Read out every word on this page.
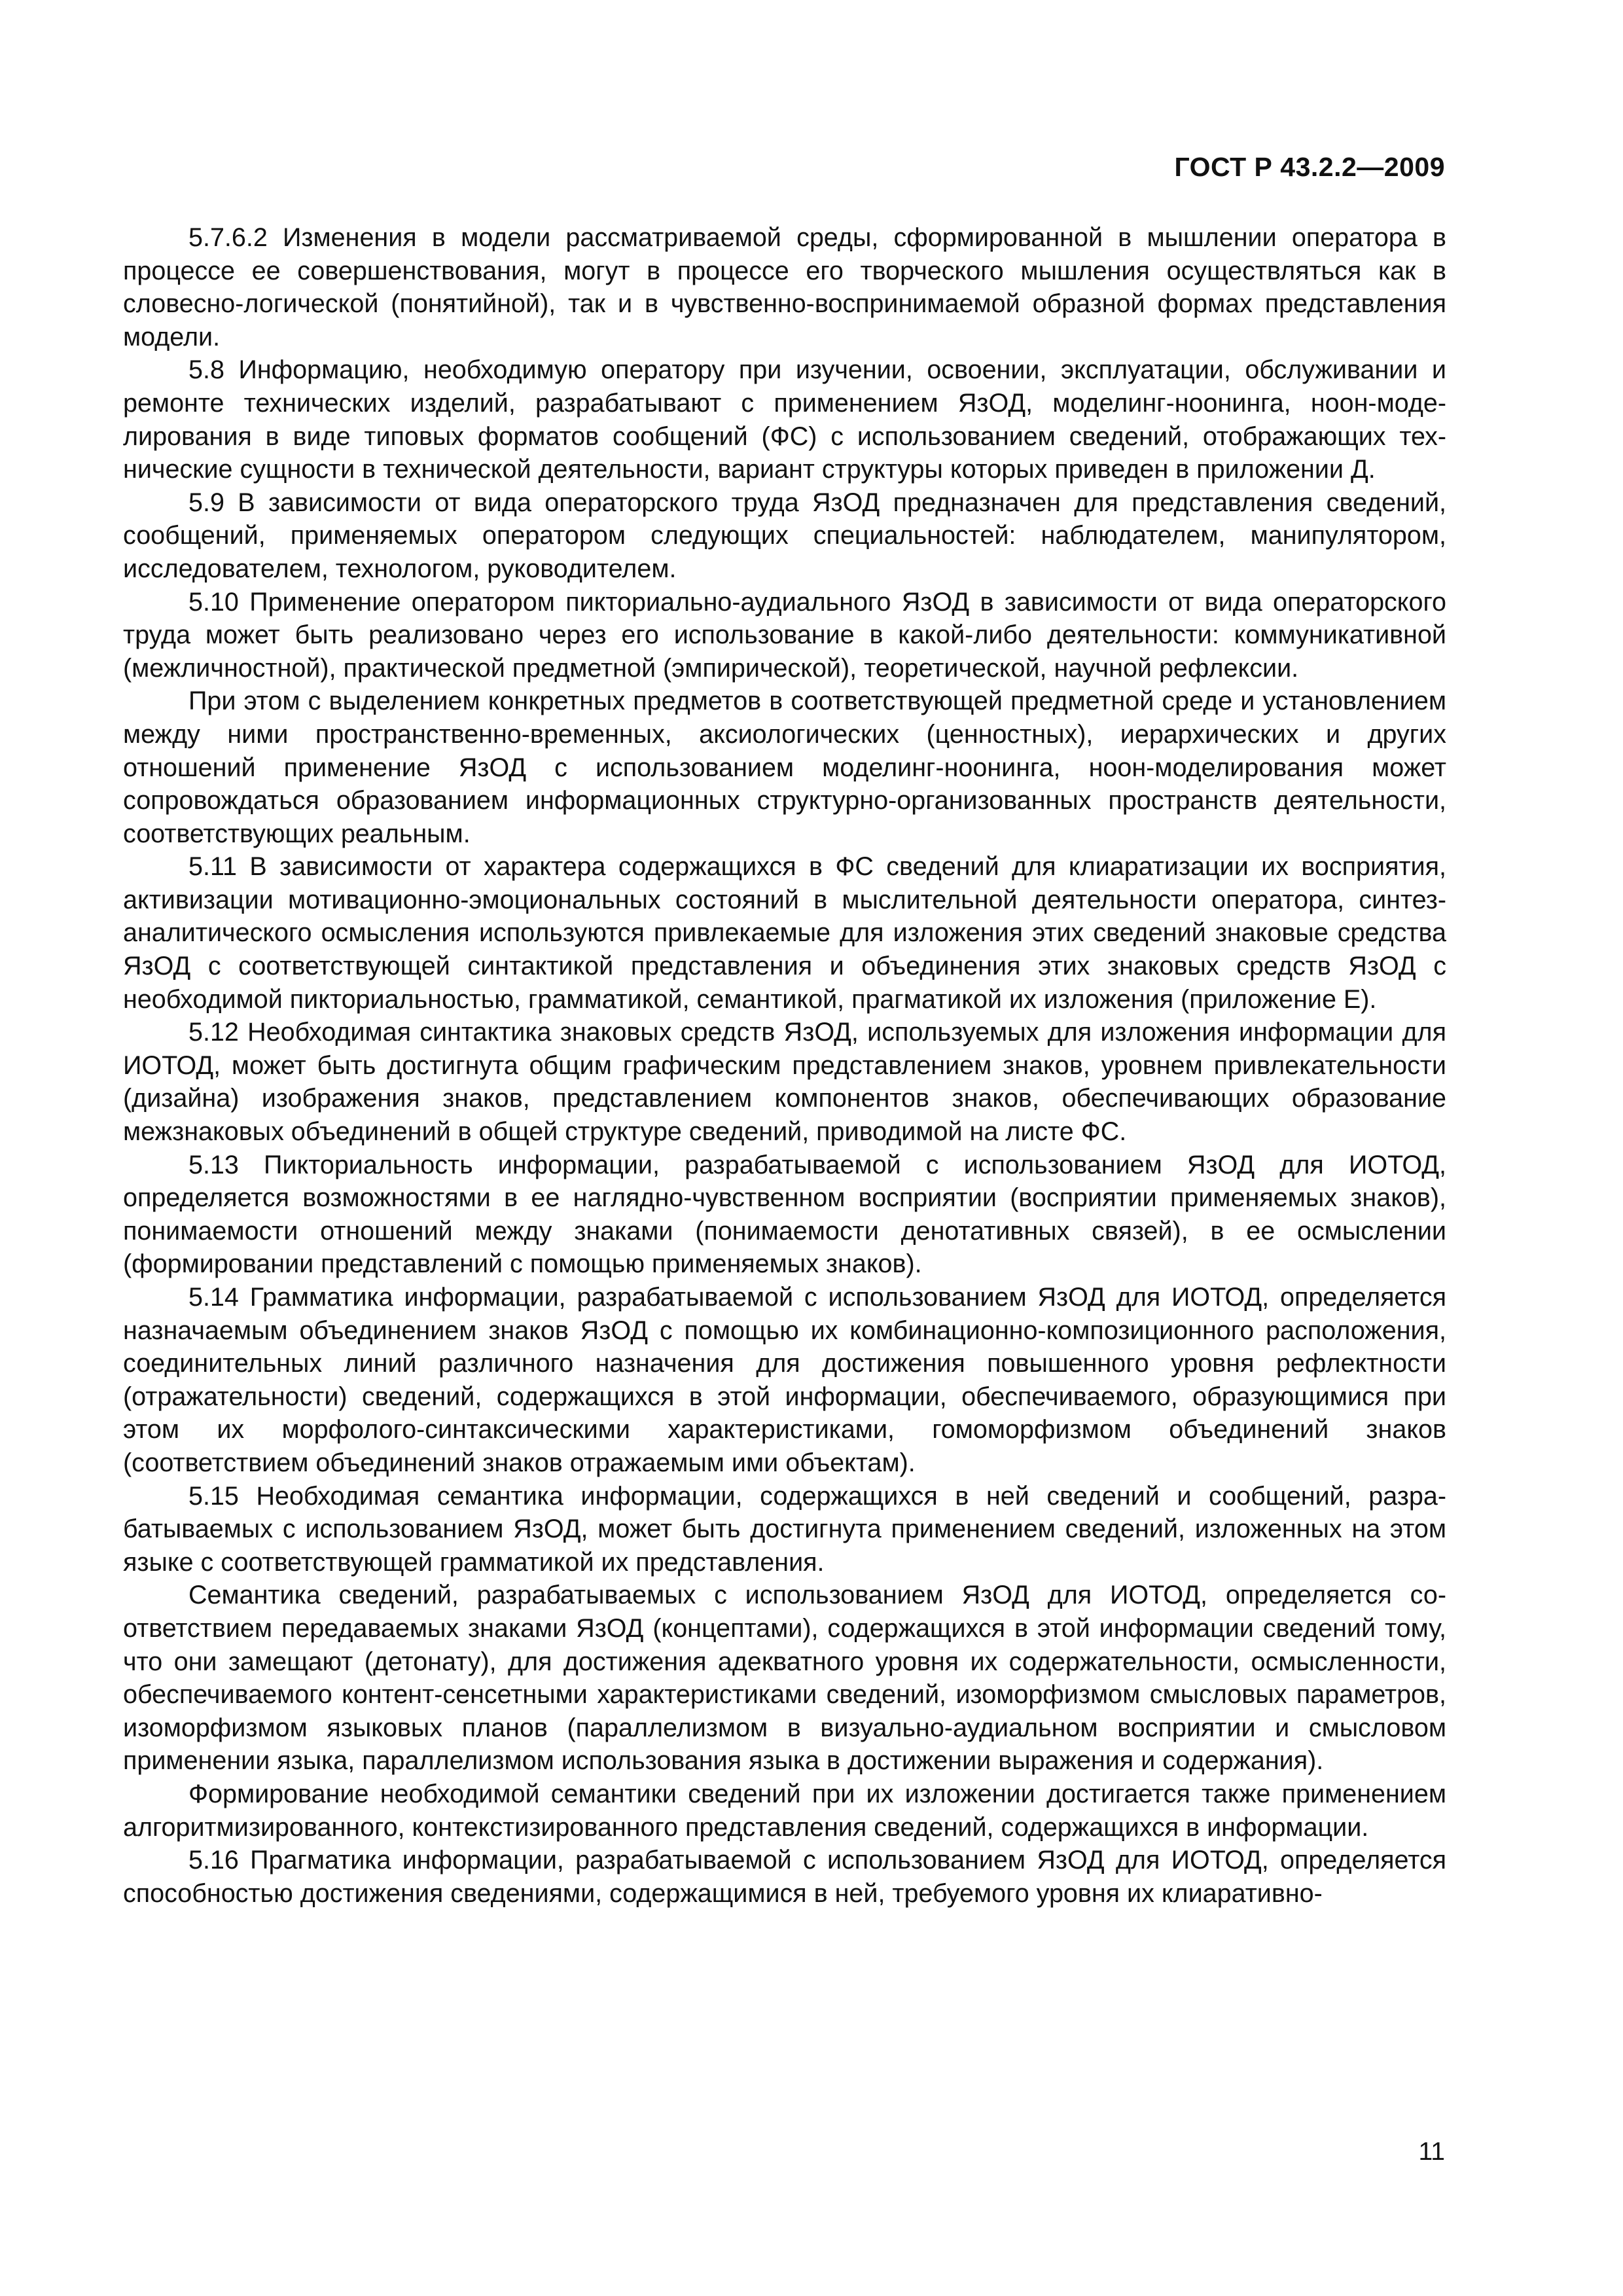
ГОСТ Р 43.2.2—2009

5.7.6.2 Изменения в модели рассматриваемой среды, сформированной в мышлении оператора в процессе ее совершенствования, могут в процессе его творческого мышления осуществляться как в словесно-логической (понятийной), так и в чувственно-воспринимаемой образной формах представления модели.

5.8 Информацию, необходимую оператору при изучении, освоении, эксплуатации, обслуживании и ремонте технических изделий, разрабатывают с применением ЯзОД, моделинг-ноонинга, ноон-моделирования в виде типовых форматов сообщений (ФС) с использованием сведений, отображающих технические сущности в технической деятельности, вариант структуры которых приведен в приложении Д.

5.9 В зависимости от вида операторского труда ЯзОД предназначен для представления сведений, сообщений, применяемых оператором следующих специальностей: наблюдателем, манипулятором, исследователем, технологом, руководителем.

5.10 Применение оператором пикториально-аудиального ЯзОД в зависимости от вида операторского труда может быть реализовано через его использование в какой-либо деятельности: коммуникативной (межличностной), практической предметной (эмпирической), теоретической, научной рефлексии.

При этом с выделением конкретных предметов в соответствующей предметной среде и установлением между ними пространственно-временных, аксиологических (ценностных), иерархических и других отношений применение ЯзОД с использованием моделинг-ноонинга, ноон-моделирования может сопровождаться образованием информационных структурно-организованных пространств деятельности, соответствующих реальным.

5.11 В зависимости от характера содержащихся в ФС сведений для клиаратизации их восприятия, активизации мотивационно-эмоциональных состояний в мыслительной деятельности оператора, синтез-аналитического осмысления используются привлекаемые для изложения этих сведений знаковые средства ЯзОД с соответствующей синтактикой представления и объединения этих знаковых средств ЯзОД с необходимой пикториальностью, грамматикой, семантикой, прагматикой их изложения (приложение Е).

5.12 Необходимая синтактика знаковых средств ЯзОД, используемых для изложения информации для ИОТОД, может быть достигнута общим графическим представлением знаков, уровнем привлекательности (дизайна) изображения знаков, представлением компонентов знаков, обеспечивающих образование межзнаковых объединений в общей структуре сведений, приводимой на листе ФС.

5.13 Пикториальность информации, разрабатываемой с использованием ЯзОД для ИОТОД, определяется возможностями в ее наглядно-чувственном восприятии (восприятии применяемых знаков), понимаемости отношений между знаками (понимаемости денотативных связей), в ее осмыслении (формировании представлений с помощью применяемых знаков).

5.14 Грамматика информации, разрабатываемой с использованием ЯзОД для ИОТОД, определяется назначаемым объединением знаков ЯзОД с помощью их комбинационно-композиционного расположения, соединительных линий различного назначения для достижения повышенного уровня рефлектности (отражательности) сведений, содержащихся в этой информации, обеспечиваемого, образующимися при этом их морфолого-синтаксическими характеристиками, гомоморфизмом объединений знаков (соответствием объединений знаков отражаемым ими объектам).

5.15 Необходимая семантика информации, содержащихся в ней сведений и сообщений, разрабатываемых с использованием ЯзОД, может быть достигнута применением сведений, изложенных на этом языке с соответствующей грамматикой их представления.

Семантика сведений, разрабатываемых с использованием ЯзОД для ИОТОД, определяется соответствием передаваемых знаками ЯзОД (концептами), содержащихся в этой информации сведений тому, что они замещают (детонату), для достижения адекватного уровня их содержательности, осмысленности, обеспечиваемого контент-сенсетными характеристиками сведений, изоморфизмом смысловых параметров, изоморфизмом языковых планов (параллелизмом в визуально-аудиальном восприятии и смысловом применении языка, параллелизмом использования языка в достижении выражения и содержания).

Формирование необходимой семантики сведений при их изложении достигается также применением алгоритмизированного, контекстизированного представления сведений, содержащихся в информации.

5.16 Прагматика информации, разрабатываемой с использованием ЯзОД для ИОТОД, определяется способностью достижения сведениями, содержащимися в ней, требуемого уровня их клиаративно-

11
